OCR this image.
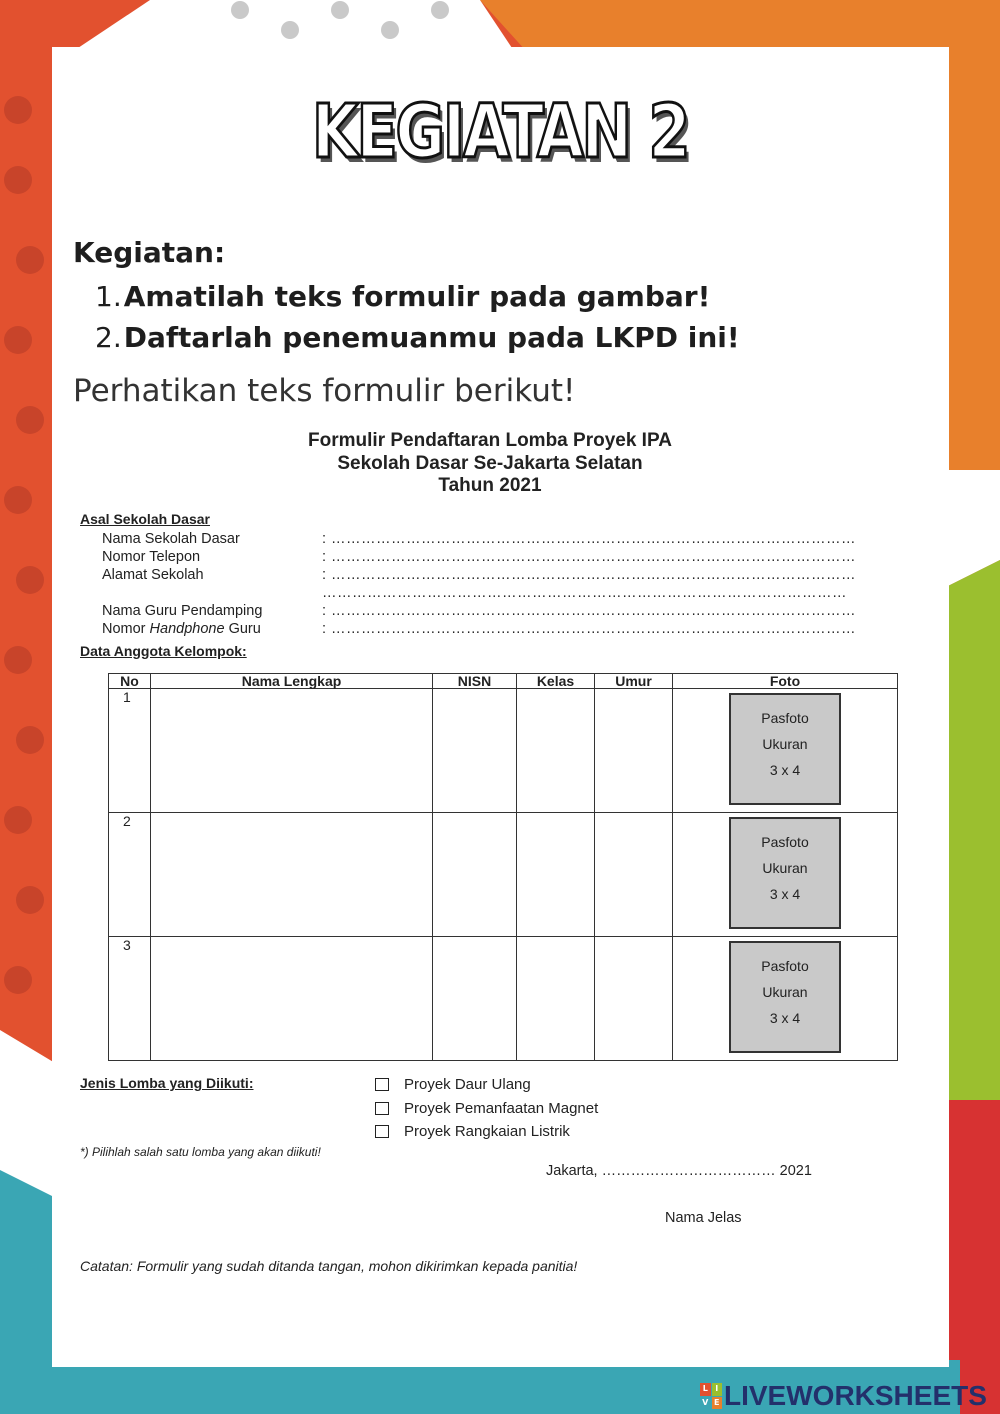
KEGIATAN 2
Kegiatan:
1.Amatilah teks formulir pada gambar!
2.Daftarlah penemuanmu pada LKPD ini!
Perhatikan teks formulir berikut!
Formulir Pendaftaran Lomba Proyek IPA
Sekolah Dasar Se-Jakarta Selatan
Tahun 2021
Asal Sekolah Dasar
Nama Sekolah Dasar	: ……………………………………………………………………………………………
Nomor Telepon	: ……………………………………………………………………………………………
Alamat Sekolah	: ……………………………………………………………………………………………
……………………………………………………………………………………………
Nama Guru Pendamping	: ……………………………………………………………………………………………
Nomor Handphone Guru	: ……………………………………………………………………………………………
Data Anggota Kelompok:
No	Nama Lengkap	NISN	Kelas	Umur	Foto
1					Pasfoto
Ukuran
3 x 4

2					Pasfoto
Ukuran
3 x 4

3					Pasfoto
Ukuran
3 x 4
Jenis Lomba yang Diikuti:	Proyek Daur Ulang
Proyek Pemanfaatan Magnet
Proyek Rangkaian Listrik
*) Pilihlah salah satu lomba yang akan diikuti!
Jakarta, ……………………………… 2021
Nama Jelas
Catatan: Formulir yang sudah ditanda tangan, mohon dikirimkan kepada panitia!
L I
V E LIVEWORKSHEETS
